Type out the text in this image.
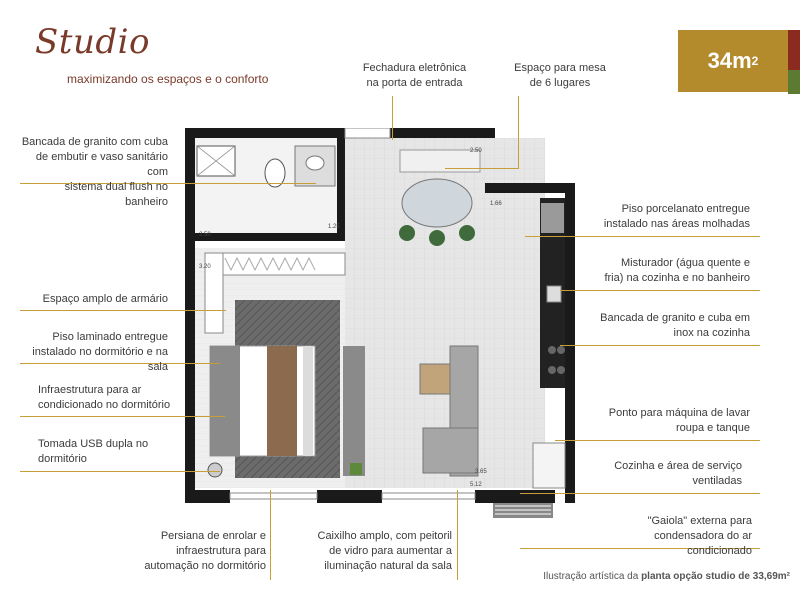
Studio
maximizando os espaços e o conforto
34m 2
2.50
1.66
2.50
1.25
3.20
3.65
5.12
Fechadura eletrônica
na porta de entrada
Espaço para mesa
de 6 lugares
Bancada de granito com cuba
de embutir e vaso sanitário com
sistema dual flush no banheiro
Espaço amplo de armário
Piso laminado entregue
instalado no dormitório e na sala
Infraestrutura para ar
condicionado no dormitório
Tomada USB dupla no
dormitório
Persiana de enrolar e
infraestrutura para
automação no dormitório
Caixilho amplo, com peitoril
de vidro para aumentar a
iluminação natural da sala
Piso porcelanato entregue
instalado nas áreas molhadas
Misturador (água quente e
fria) na cozinha e no banheiro
Bancada de granito e cuba em
inox na cozinha
Ponto para máquina de lavar
roupa e tanque
Cozinha e área de serviço
ventiladas
"Gaiola" externa para
condensadora do ar condicionado
Ilustração artística da planta opção studio de 33,69m²
